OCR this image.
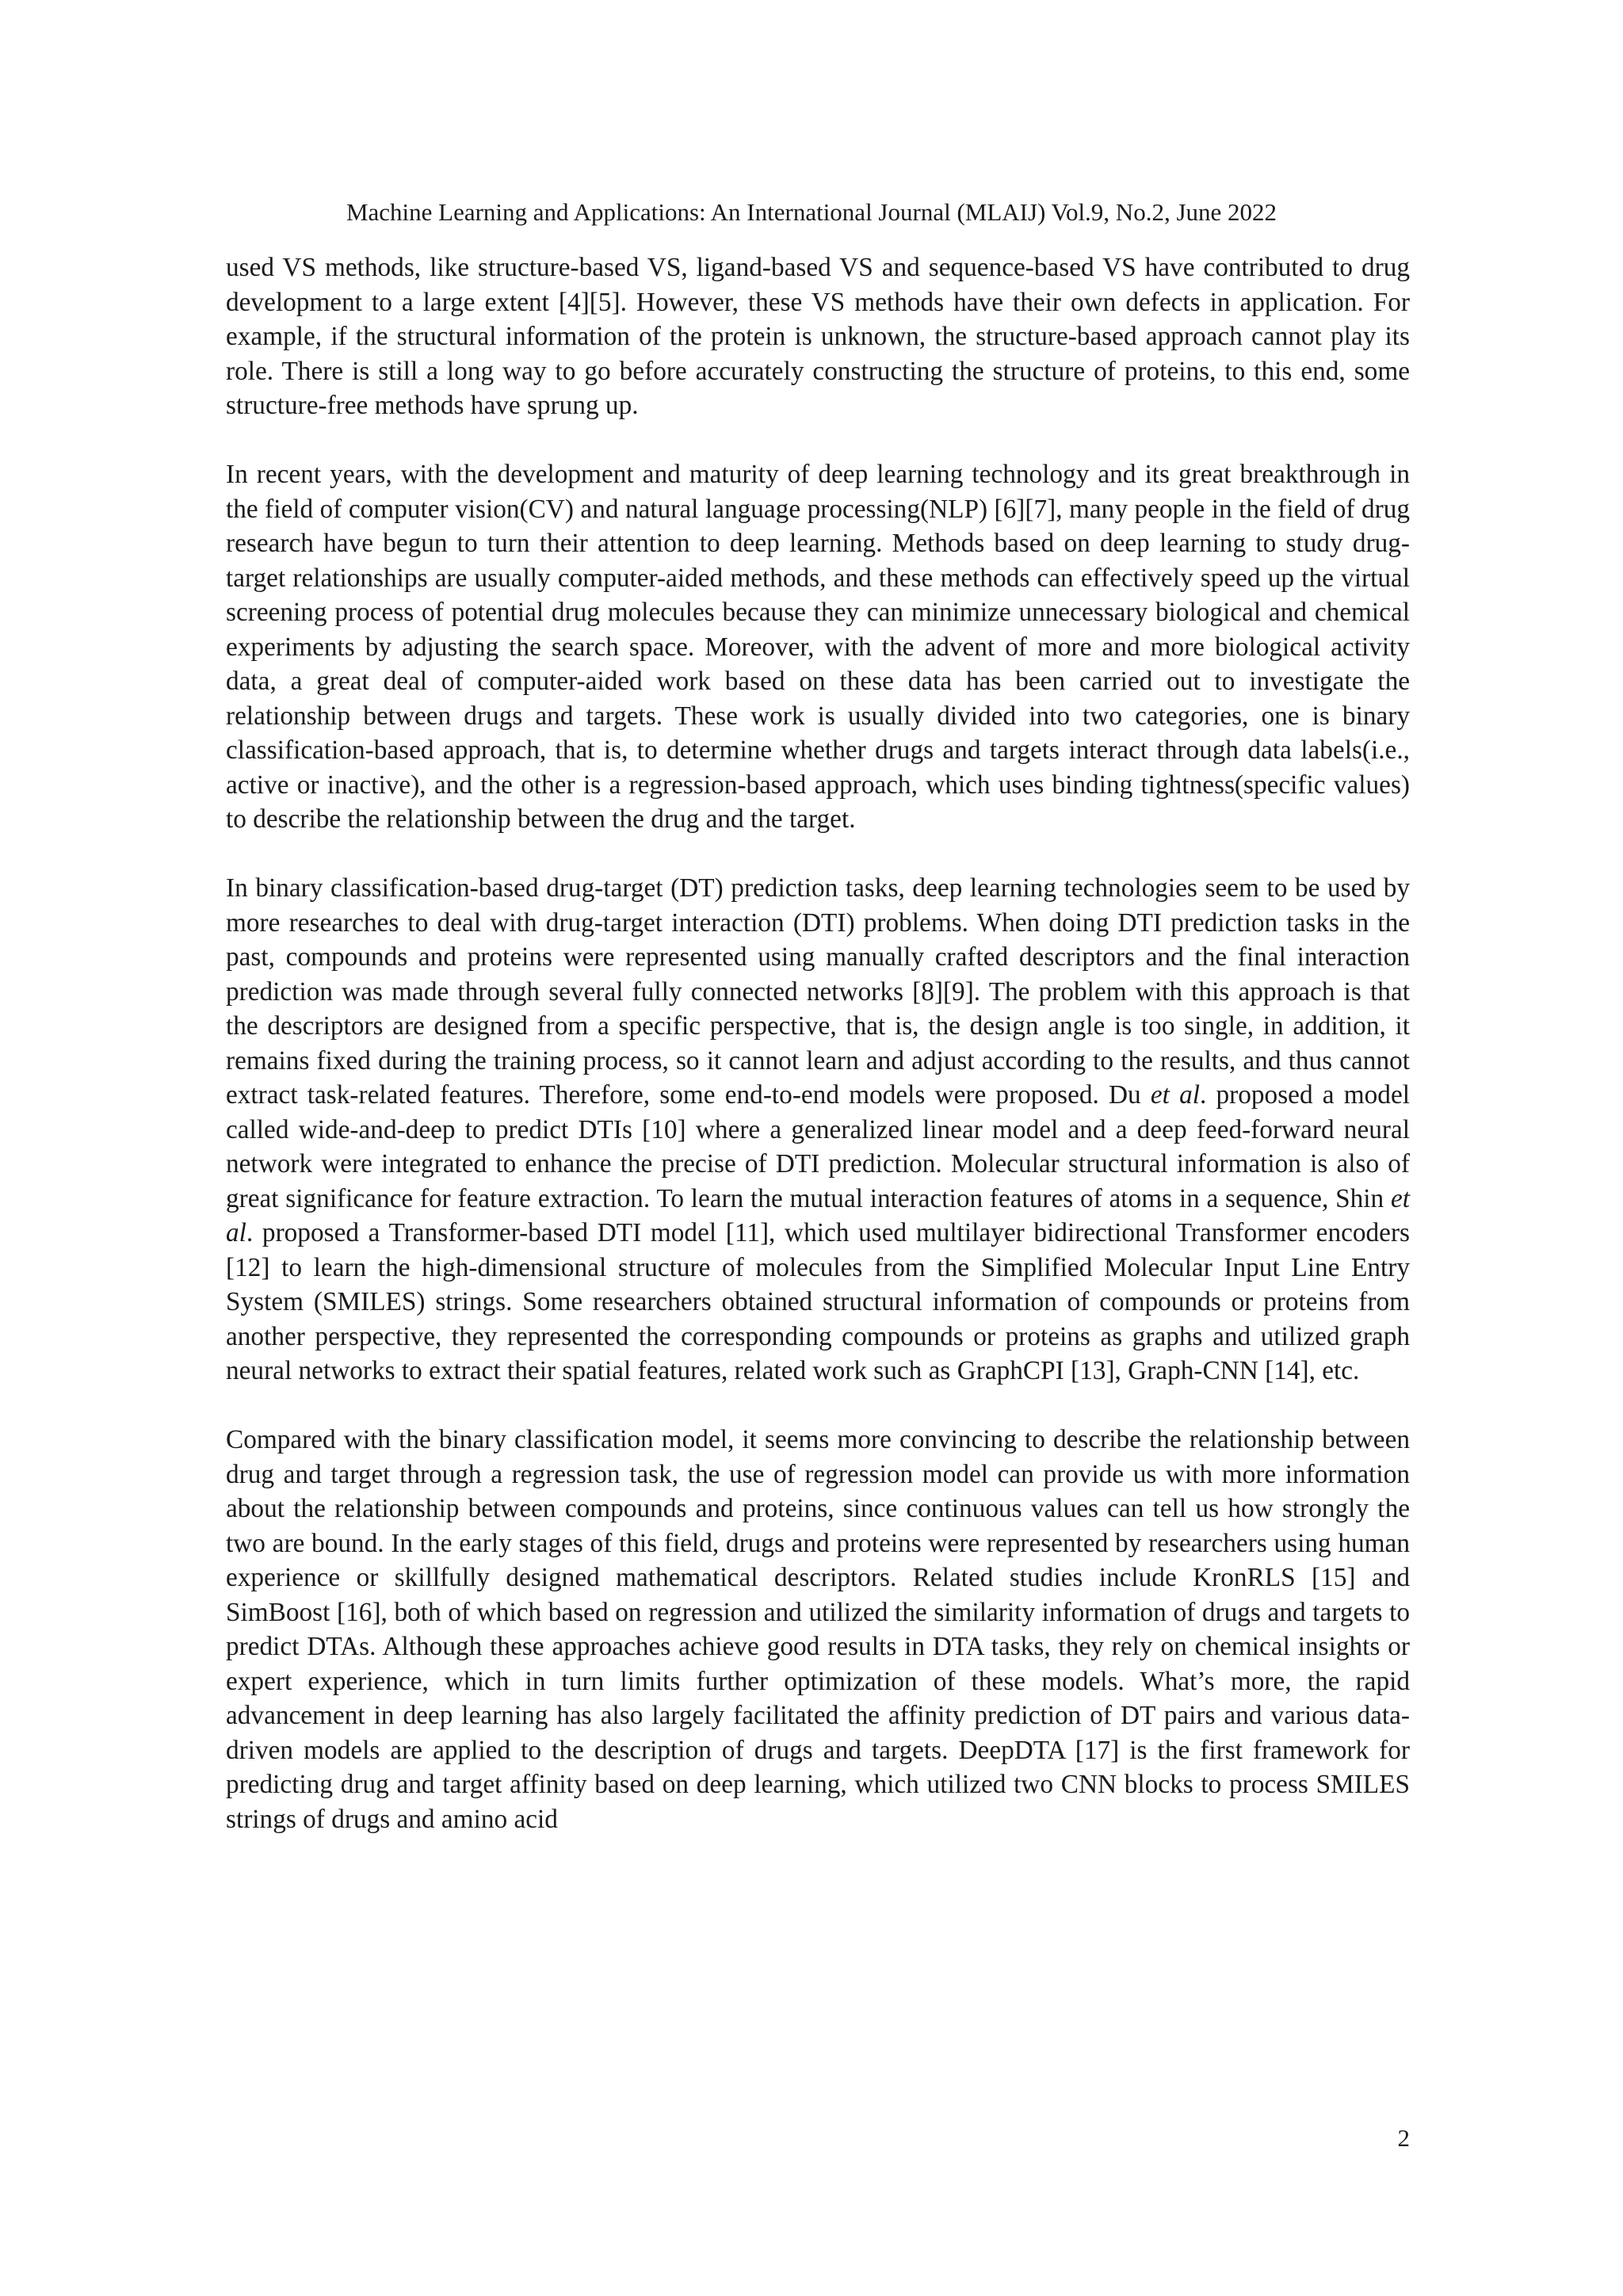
Machine Learning and Applications: An International Journal (MLAIJ) Vol.9, No.2, June 2022

used VS methods, like structure-based VS, ligand-based VS and sequence-based VS have contributed to drug development to a large extent [4][5]. However, these VS methods have their own defects in application. For example, if the structural information of the protein is unknown, the structure-based approach cannot play its role. There is still a long way to go before accurately constructing the structure of proteins, to this end, some structure-free methods have sprung up.

In recent years, with the development and maturity of deep learning technology and its great breakthrough in the field of computer vision(CV) and natural language processing(NLP) [6][7], many people in the field of drug research have begun to turn their attention to deep learning. Methods based on deep learning to study drug-target relationships are usually computer-aided methods, and these methods can effectively speed up the virtual screening process of potential drug molecules because they can minimize unnecessary biological and chemical experiments by adjusting the search space. Moreover, with the advent of more and more biological activity data, a great deal of computer-aided work based on these data has been carried out to investigate the relationship between drugs and targets. These work is usually divided into two categories, one is binary classification-based approach, that is, to determine whether drugs and targets interact through data labels(i.e., active or inactive), and the other is a regression-based approach, which uses binding tightness(specific values) to describe the relationship between the drug and the target.

In binary classification-based drug-target (DT) prediction tasks, deep learning technologies seem to be used by more researches to deal with drug-target interaction (DTI) problems. When doing DTI prediction tasks in the past, compounds and proteins were represented using manually crafted descriptors and the final interaction prediction was made through several fully connected networks [8][9]. The problem with this approach is that the descriptors are designed from a specific perspective, that is, the design angle is too single, in addition, it remains fixed during the training process, so it cannot learn and adjust according to the results, and thus cannot extract task-related features. Therefore, some end-to-end models were proposed. Du et al. proposed a model called wide-and-deep to predict DTIs [10] where a generalized linear model and a deep feed-forward neural network were integrated to enhance the precise of DTI prediction. Molecular structural information is also of great significance for feature extraction. To learn the mutual interaction features of atoms in a sequence, Shin et al. proposed a Transformer-based DTI model [11], which used multilayer bidirectional Transformer encoders [12] to learn the high-dimensional structure of molecules from the Simplified Molecular Input Line Entry System (SMILES) strings. Some researchers obtained structural information of compounds or proteins from another perspective, they represented the corresponding compounds or proteins as graphs and utilized graph neural networks to extract their spatial features, related work such as GraphCPI [13], Graph-CNN [14], etc.

Compared with the binary classification model, it seems more convincing to describe the relationship between drug and target through a regression task, the use of regression model can provide us with more information about the relationship between compounds and proteins, since continuous values can tell us how strongly the two are bound. In the early stages of this field, drugs and proteins were represented by researchers using human experience or skillfully designed mathematical descriptors. Related studies include KronRLS [15] and SimBoost [16], both of which based on regression and utilized the similarity information of drugs and targets to predict DTAs. Although these approaches achieve good results in DTA tasks, they rely on chemical insights or expert experience, which in turn limits further optimization of these models. What’s more, the rapid advancement in deep learning has also largely facilitated the affinity prediction of DT pairs and various data-driven models are applied to the description of drugs and targets. DeepDTA [17] is the first framework for predicting drug and target affinity based on deep learning, which utilized two CNN blocks to process SMILES strings of drugs and amino acid

2
